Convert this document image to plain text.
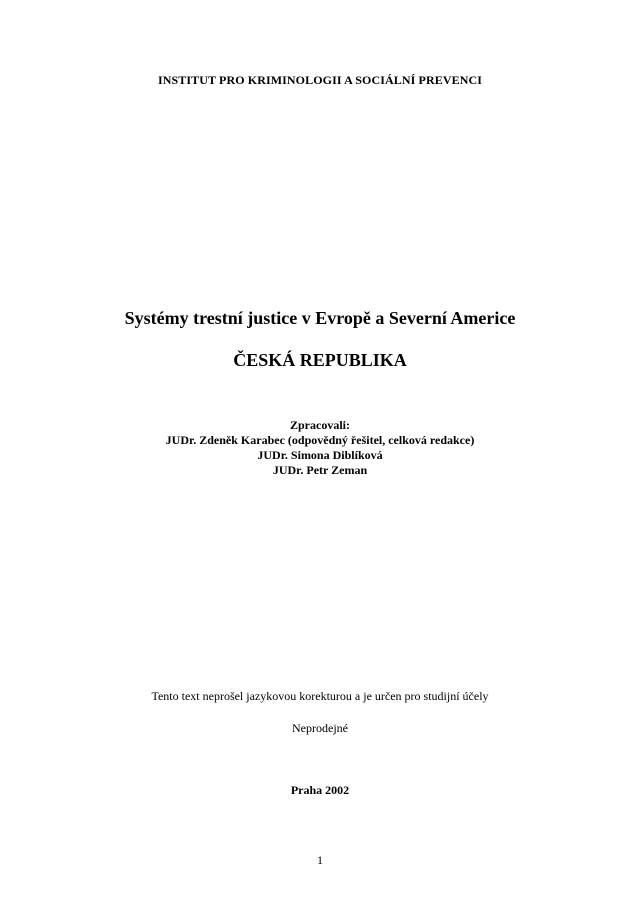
INSTITUT PRO KRIMINOLOGII A SOCIÁLNÍ PREVENCI
Systémy trestní justice v Evropě a Severní Americe
ČESKÁ REPUBLIKA
Zpracovali:
JUDr. Zdeněk Karabec (odpovědný řešitel, celková redakce)
JUDr. Simona Diblíková
JUDr. Petr Zeman
Tento text neprošel jazykovou korekturou a je určen pro studijní účely
Neprodejné
Praha 2002
1
